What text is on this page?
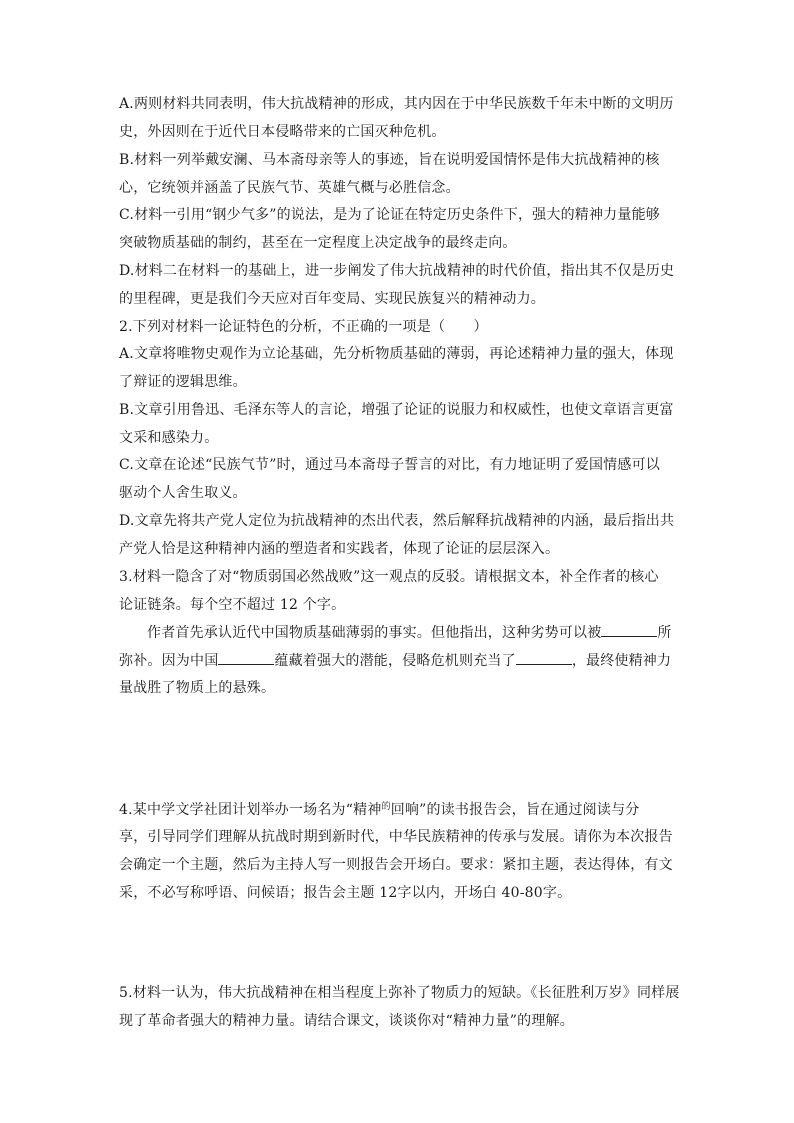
A.两则材料共同表明，伟大抗战精神的形成，其内因在于中华民族数千年未中断的文明历
史，外因则在于近代日本侵略带来的亡国灭种危机。
B.材料一列举戴安澜、马本斋母亲等人的事迹，旨在说明爱国情怀是伟大抗战精神的核
心，它统领并涵盖了民族气节、英雄气概与必胜信念。
C.材料一引用“钢少气多”的说法，是为了论证在特定历史条件下，强大的精神力量能够
突破物质基础的制约，甚至在一定程度上决定战争的最终走向。
D.材料二在材料一的基础上，进一步阐发了伟大抗战精神的时代价值，指出其不仅是历史
的里程碑，更是我们今天应对百年变局、实现民族复兴的精神动力。
2.下列对材料一论证特色的分析，不正确的一项是（　　）
A.文章将唯物史观作为立论基础，先分析物质基础的薄弱，再论述精神力量的强大，体现
了辩证的逻辑思维。
B.文章引用鲁迅、毛泽东等人的言论，增强了论证的说服力和权威性，也使文章语言更富
文采和感染力。
C.文章在论述“民族气节”时，通过马本斋母子誓言的对比，有力地证明了爱国情感可以
驱动个人舍生取义。
D.文章先将共产党人定位为抗战精神的杰出代表，然后解释抗战精神的内涵，最后指出共
产党人恰是这种精神内涵的塑造者和实践者，体现了论证的层层深入。
3.材料一隐含了对“物质弱国必然战败”这一观点的反驳。请根据文本，补全作者的核心
论证链条。每个空不超过 12 个字。
作者首先承认近代中国物质基础薄弱的事实。但他指出，这种劣势可以被	所
弥补。因为中国	蕴藏着强大的潜能，侵略危机则充当了	，最终使精神力
量战胜了物质上的悬殊。
4.某中学文学社团计划举办一场名为“精神$^的$回响”的读书报告会，旨在通过阅读与分
享，引导同学们理解从抗战时期到新时代，中华民族精神的传承与发展。请你为本次报告
会确定一个主题，然后为主持人写一则报告会开场白。要求：紧扣主题，表达得体，有文
采，不必写称呼语、问候语；报告会主题 12字以内，开场白 40-80字。
5.材料一认为，伟大抗战精神在相当程度上弥补了物质力的短缺。《长征胜利万岁》同样展
现了革命者强大的精神力量。请结合课文，谈谈你对“精神力量”的理解。
